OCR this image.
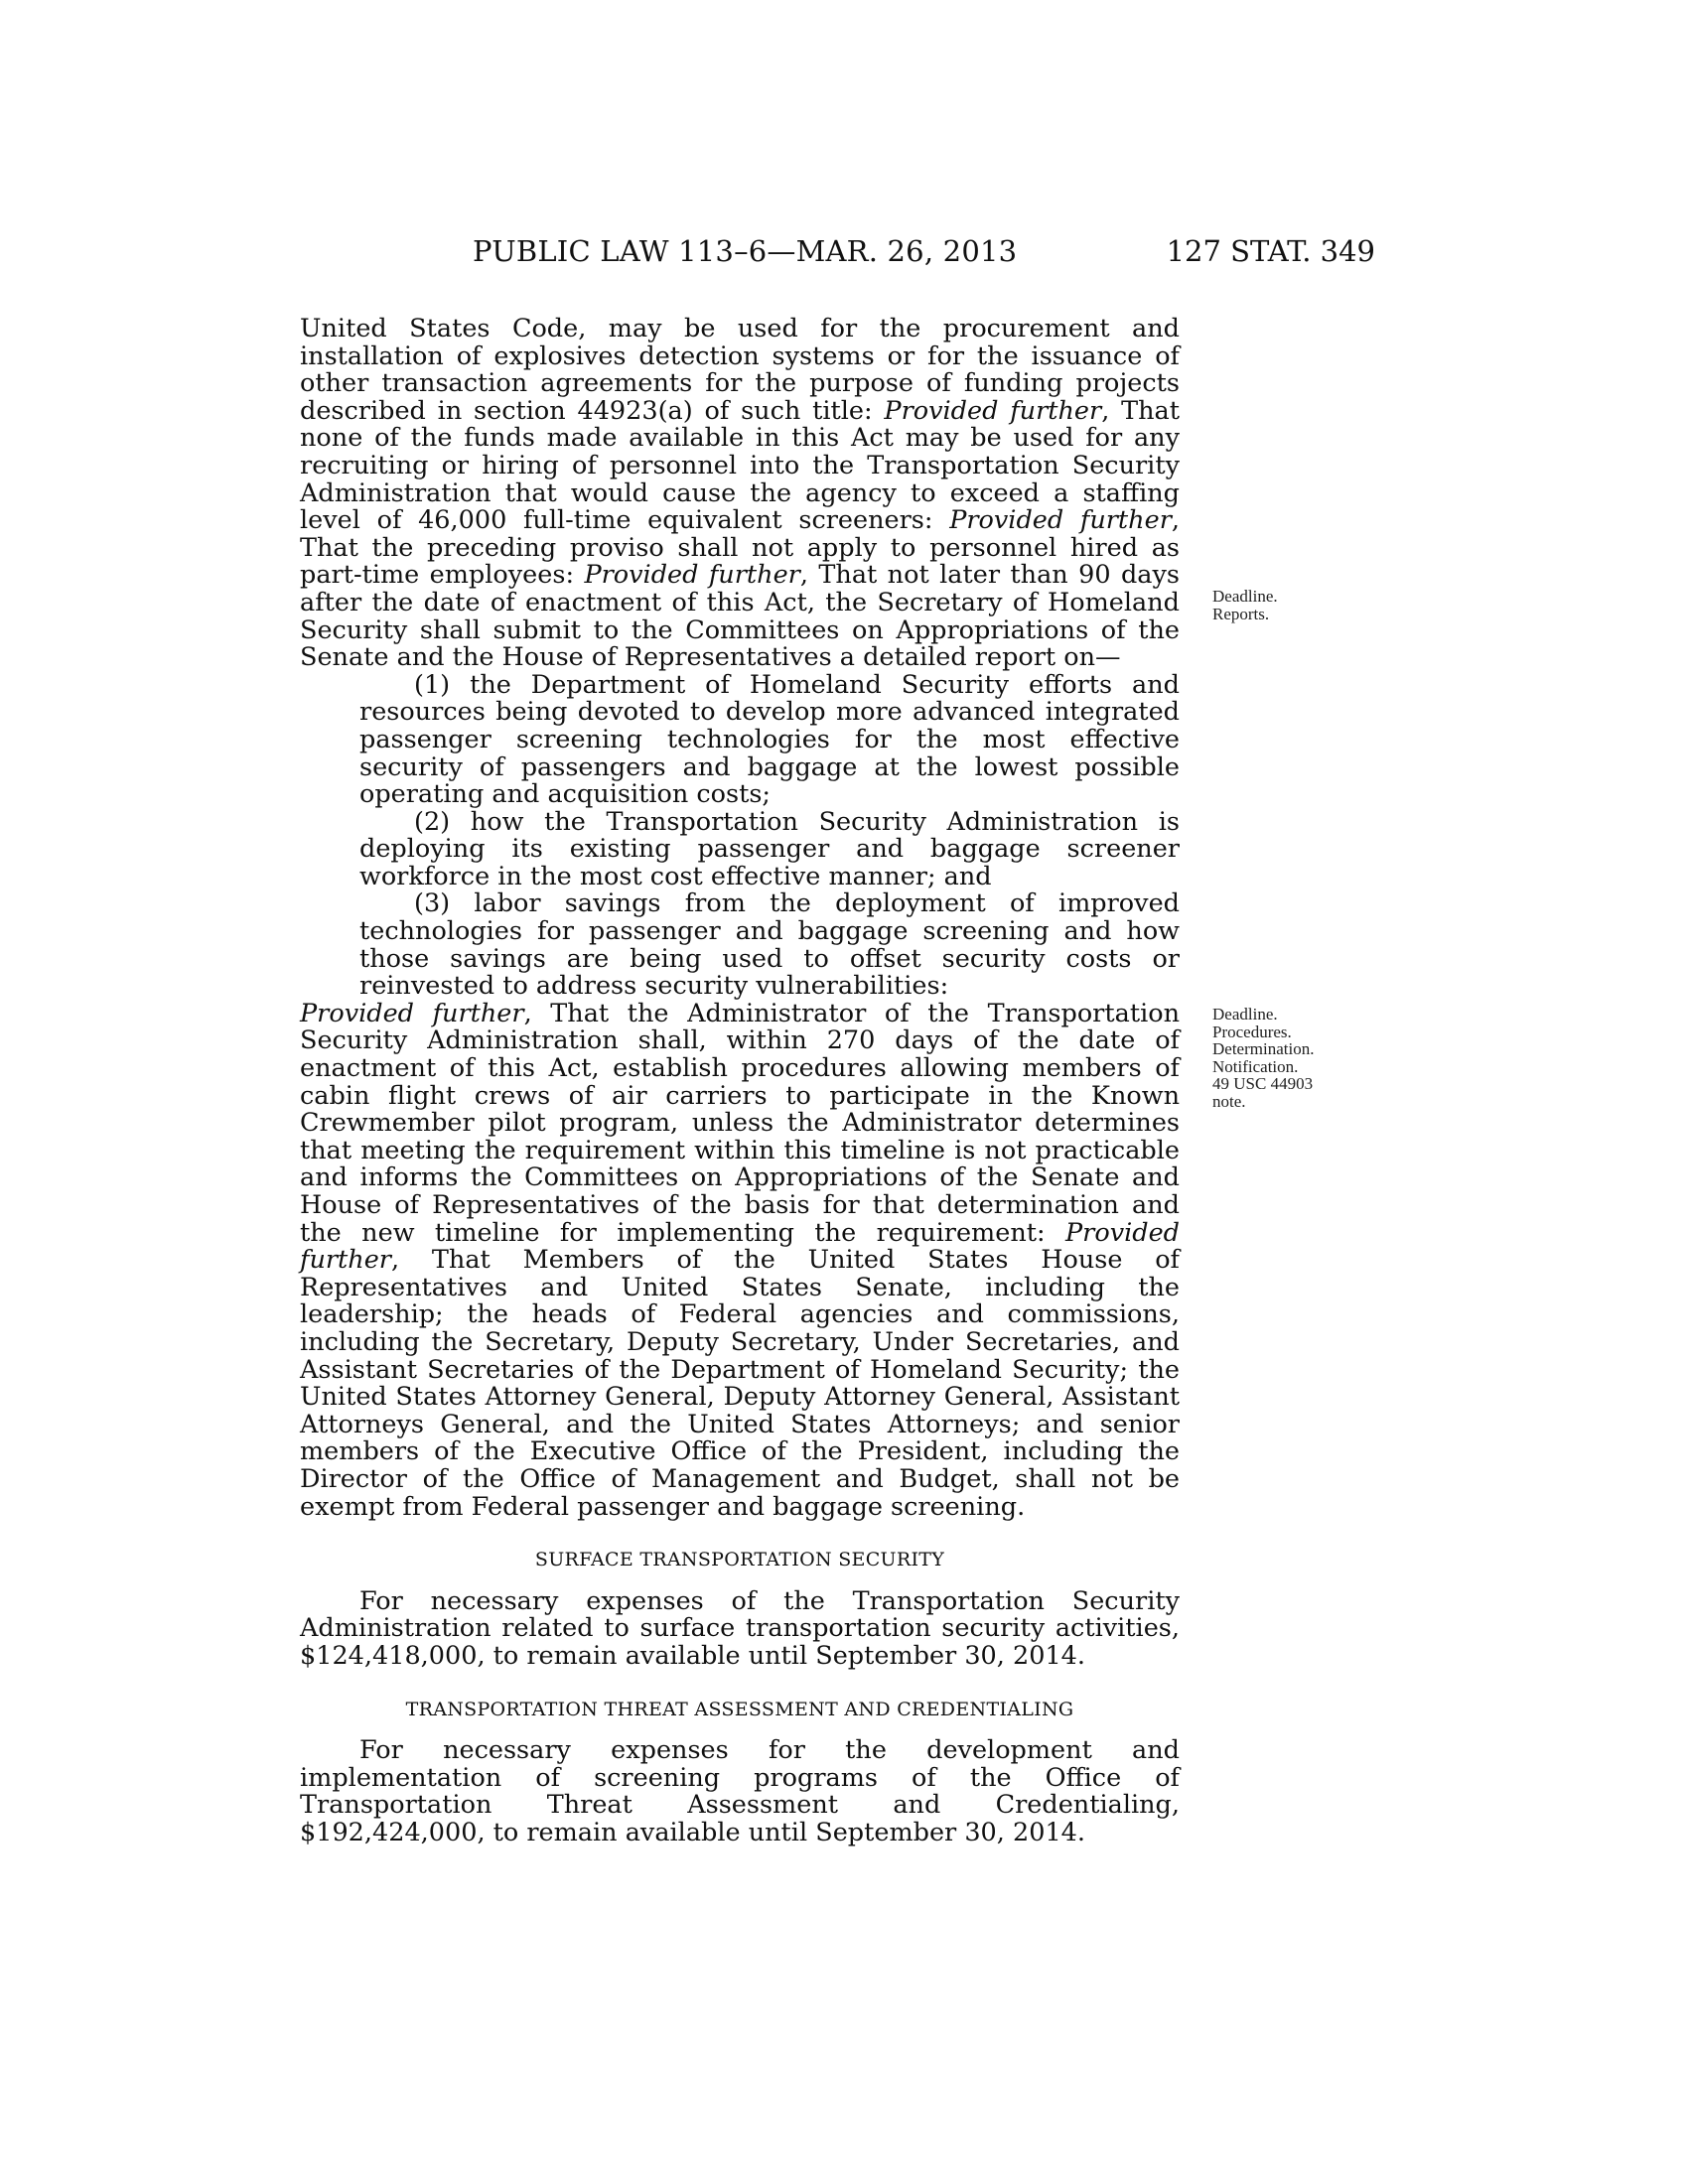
PUBLIC LAW 113–6—MAR. 26, 2013	127 STAT. 349

United States Code, may be used for the procurement and installation of explosives detection systems or for the issuance of other transaction agreements for the purpose of funding projects described in section 44923(a) of such title: Provided further, That none of the funds made available in this Act may be used for any recruiting or hiring of personnel into the Transportation Security Administration that would cause the agency to exceed a staffing level of 46,000 full-time equivalent screeners: Provided further, That the preceding proviso shall not apply to personnel hired as part-time employees: Provided further, That not later than 90 days after the date of enactment of this Act, the Secretary of Homeland Security shall submit to the Committees on Appropriations of the Senate and the House of Representatives a detailed report on—

(1) the Department of Homeland Security efforts and resources being devoted to develop more advanced integrated passenger screening technologies for the most effective security of passengers and baggage at the lowest possible operating and acquisition costs;

(2) how the Transportation Security Administration is deploying its existing passenger and baggage screener workforce in the most cost effective manner; and

(3) labor savings from the deployment of improved technologies for passenger and baggage screening and how those savings are being used to offset security costs or reinvested to address security vulnerabilities:

Provided further, That the Administrator of the Transportation Security Administration shall, within 270 days of the date of enactment of this Act, establish procedures allowing members of cabin flight crews of air carriers to participate in the Known Crewmember pilot program, unless the Administrator determines that meeting the requirement within this timeline is not practicable and informs the Committees on Appropriations of the Senate and House of Representatives of the basis for that determination and the new timeline for implementing the requirement: Provided further, That Members of the United States House of Representatives and United States Senate, including the leadership; the heads of Federal agencies and commissions, including the Secretary, Deputy Secretary, Under Secretaries, and Assistant Secretaries of the Department of Homeland Security; the United States Attorney General, Deputy Attorney General, Assistant Attorneys General, and the United States Attorneys; and senior members of the Executive Office of the President, including the Director of the Office of Management and Budget, shall not be exempt from Federal passenger and baggage screening.

SURFACE TRANSPORTATION SECURITY

For necessary expenses of the Transportation Security Administration related to surface transportation security activities, $124,418,000, to remain available until September 30, 2014.

TRANSPORTATION THREAT ASSESSMENT AND CREDENTIALING

For necessary expenses for the development and implementation of screening programs of the Office of Transportation Threat Assessment and Credentialing, $192,424,000, to remain available until September 30, 2014.

Deadline.
Reports.
Deadline.
Procedures.
Determination.
Notification.
49 USC 44903
note.
